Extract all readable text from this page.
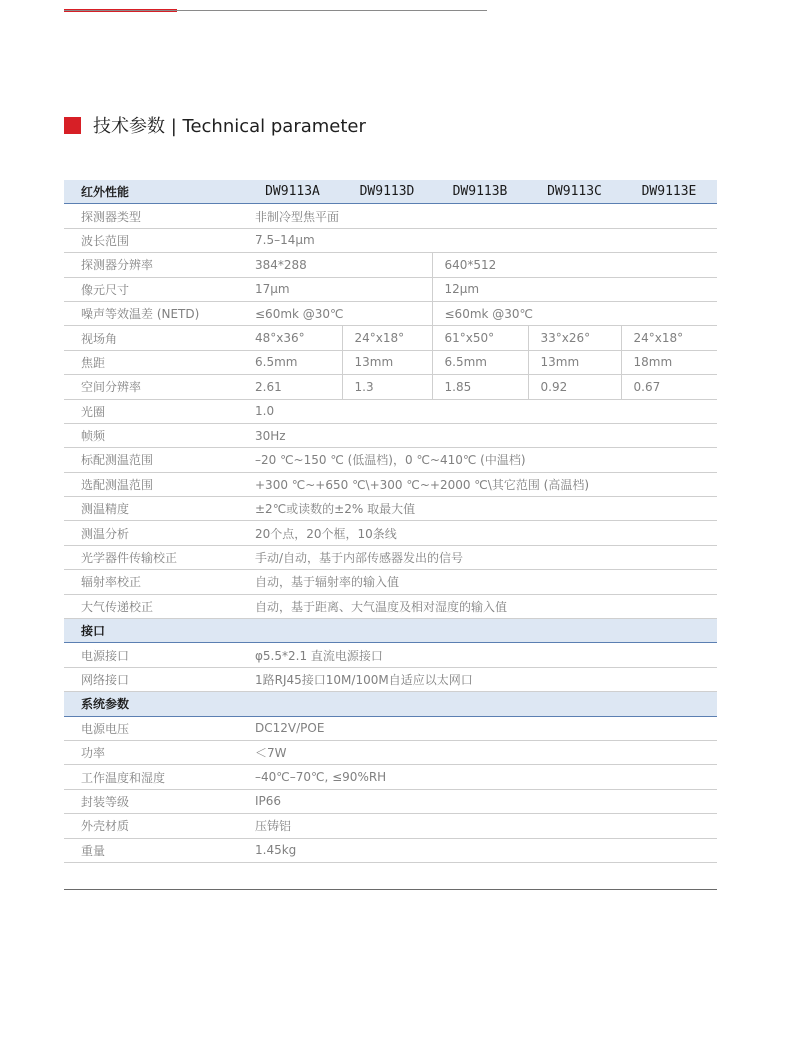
技术参数 | Technical parameter
红外性能	DW9113A	DW9113D	DW9113B	DW9113C	DW9113E
探测器类型	非制冷型焦平面				
波长范围	7.5–14μm				
探测器分辨率	384*288		640*512		
像元尺寸	17μm		12μm		
噪声等效温差 (NETD)	≤60mk @30℃		≤60mk @30℃		
视场角	48°x36°	24°x18°	61°x50°	33°x26°	24°x18°
焦距	6.5mm	13mm	6.5mm	13mm	18mm
空间分辨率	2.61	1.3	1.85	0.92	0.67
光圈	1.0				
帧频	30Hz				
标配测温范围	–20 ℃~150 ℃ (低温档)，0 ℃~410℃ (中温档)				
选配测温范围	+300 ℃~+650 ℃\+300 ℃~+2000 ℃\其它范围 (高温档)				
测温精度	±2℃或读数的±2% 取最大值				
测温分析	20个点，20个框，10条线				
光学器件传输校正	手动/自动，基于内部传感器发出的信号				
辐射率校正	自动，基于辐射率的输入值				
大气传递校正	自动，基于距离、大气温度及相对湿度的输入值				
接口					
电源接口	φ5.5*2.1 直流电源接口				
网络接口	1路RJ45接口10M/100M自适应以太网口				
系统参数					
电源电压	DC12V/POE				
功率	＜7W				
工作温度和湿度	–40℃–70℃, ≤90%RH				
封装等级	IP66				
外壳材质	压铸铝				
重量	1.45kg				
